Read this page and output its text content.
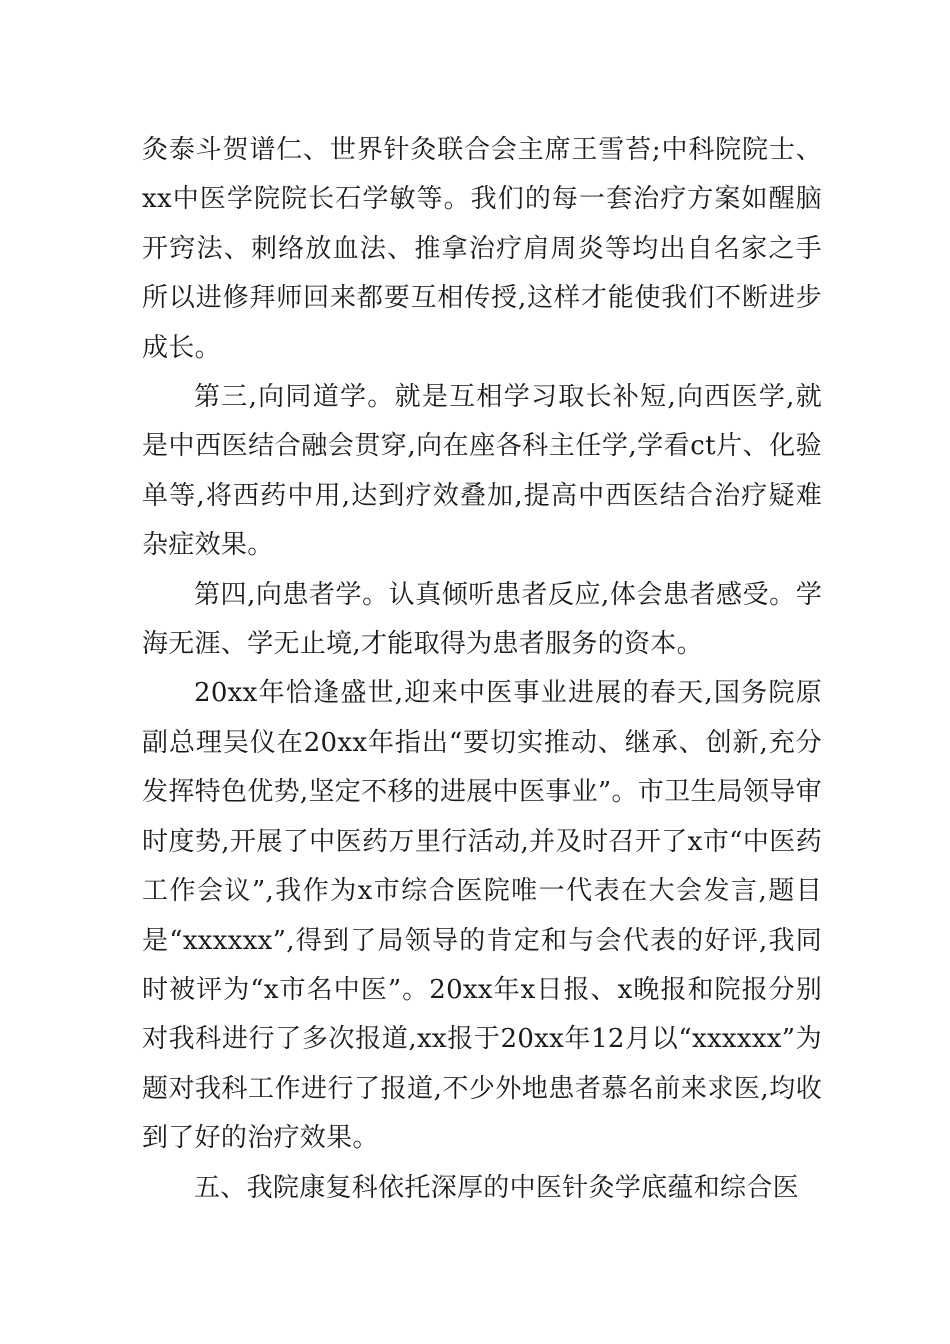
灸泰斗贺谱仁、世界针灸联合会主席王雪苔;中科院院士、xx中医学院院长石学敏等。我们的每一套治疗方案如醒脑开窍法、刺络放血法、推拿治疗肩周炎等均出自名家之手所以进修拜师回来都要互相传授,这样才能使我们不断进步成长。

第三,向同道学。就是互相学习取长补短,向西医学,就是中西医结合融会贯穿,向在座各科主任学,学看ct片、化验单等,将西药中用,达到疗效叠加,提高中西医结合治疗疑难杂症效果。

第四,向患者学。认真倾听患者反应,体会患者感受。学海无涯、学无止境,才能取得为患者服务的资本。

20xx年恰逢盛世,迎来中医事业进展的春天,国务院原副总理吴仪在20xx年指出“要切实推动、继承、创新,充分发挥特色优势,坚定不移的进展中医事业”。市卫生局领导审时度势,开展了中医药万里行活动,并及时召开了x市“中医药工作会议”,我作为x市综合医院唯一代表在大会发言,题目是“xxxxxx”,得到了局领导的肯定和与会代表的好评,我同时被评为“x市名中医”。20xx年x日报、x晚报和院报分别对我科进行了多次报道,xx报于20xx年12月以“xxxxxx”为题对我科工作进行了报道,不少外地患者慕名前来求医,均收到了好的治疗效果。

五、我院康复科依托深厚的中医针灸学底蕴和综合医
